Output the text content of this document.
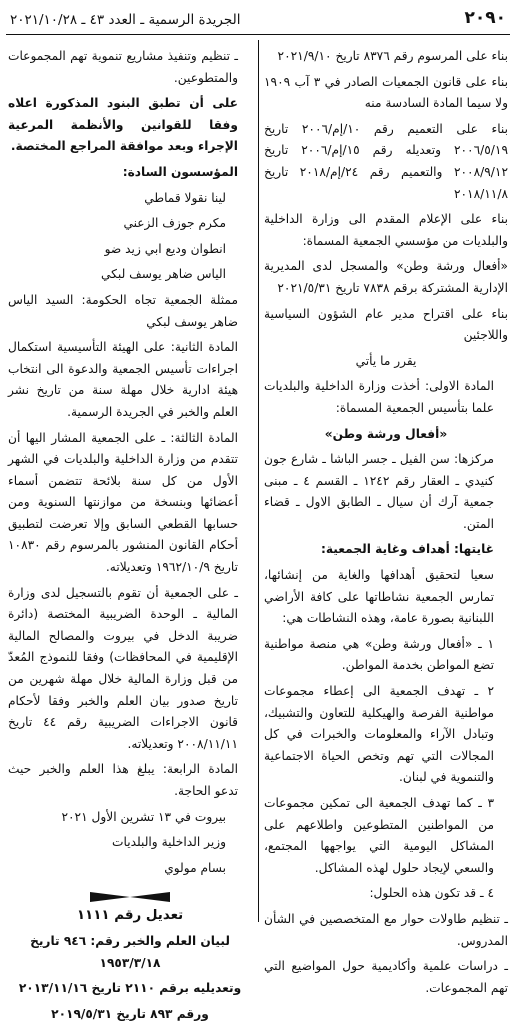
٢٠٩٠
الجريدة الرسمية ـ العدد ٤٣ ـ ٢٠٢١/١٠/٢٨

بناء على المرسوم رقم ٨٣٧٦ تاريخ ٢٠٢١/٩/١٠

بناء على قانون الجمعيات الصادر في ٣ آب ١٩٠٩ ولا سيما المادة السادسة منه

بناء على التعميم رقم ١٠/إم/٢٠٠٦ تاريخ ٢٠٠٦/٥/١٩ وتعديله رقم ١٥/إم/٢٠٠٦ تاريخ ٢٠٠٨/٩/١٢ والتعميم رقم ٢٤/إم/٢٠١٨ تاريخ ٢٠١٨/١١/٨

بناء على الإعلام المقدم الى وزارة الداخلية والبلديات من مؤسسي الجمعية المسماة:

«أفعال ورشة وطن» والمسجل لدى المديرية الإدارية المشتركة برقم ٧٨٣٨ تاريخ ٢٠٢١/٥/٣١

بناء على اقتراح مدير عام الشؤون السياسية واللاجئين

يقرر ما يأتي

المادة الاولى: أخذت وزارة الداخلية والبلديات علما بتأسيس الجمعية المسماة:

«أفعال ورشة وطن»

مركزها: سن الفيل ـ جسر الباشا ـ شارع جون كنيدي ـ العقار رقم ١٢٤٢ ـ القسم ٤ ـ مبنى جمعية آرك أن سيال ـ الطابق الاول ـ قضاء المتن.

غايتها: أهداف وغاية الجمعية:

سعيا لتحقيق أهدافها والغاية من إنشائها، تمارس الجمعية نشاطاتها على كافة الأراضي اللبنانية بصورة عامة، وهذه النشاطات هي:

١ ـ «أفعال ورشة وطن» هي منصة مواطنية تضع المواطن بخدمة المواطن.

٢ ـ تهدف الجمعية الى إعطاء مجموعات مواطنية الفرصة والهيكلية للتعاون والتشبيك، وتبادل الآراء والمعلومات والخبرات في كل المجالات التي تهم وتخص الحياة الاجتماعية والتنموية في لبنان.

٣ ـ كما تهدف الجمعية الى تمكين مجموعات من المواطنين المتطوعين واطلاعهم على المشاكل اليومية التي يواجهها المجتمع، والسعي لإيجاد حلول لهذه المشاكل.

٤ ـ قد تكون هذه الحلول:

ـ تنظيم طاولات حوار مع المتخصصين في الشأن المدروس.

ـ دراسات علمية وأكاديمية حول المواضيع التي تهم المجموعات.

ـ تنظيم وتنفيذ مشاريع تنموية تهم المجموعات والمتطوعين.

على أن تطبق البنود المذكورة اعلاه وفقا للقوانين والأنظمة المرعية الإجراء وبعد موافقة المراجع المختصة.

المؤسسون السادة:

لينا نقولا قماطي

مكرم جوزف الزعني

انطوان وديع ابي زيد ضو

الياس ضاهر يوسف لبكي

ممثلة الجمعية تجاه الحكومة: السيد الياس ضاهر يوسف لبكي

المادة الثانية: على الهيئة التأسيسية استكمال اجراءات تأسيس الجمعية والدعوة الى انتخاب هيئة ادارية خلال مهلة سنة من تاريخ نشر العلم والخبر في الجريدة الرسمية.

المادة الثالثة: ـ على الجمعية المشار اليها أن تتقدم من وزارة الداخلية والبلديات في الشهر الأول من كل سنة بلائحة تتضمن أسماء أعضائها وبنسخة من موازنتها السنوية ومن حسابها القطعي السابق وإلا تعرضت لتطبيق أحكام القانون المنشور بالمرسوم رقم ١٠٨٣٠ تاريخ ١٩٦٢/١٠/٩ وتعديلاته.

ـ على الجمعية أن تقوم بالتسجيل لدى وزارة المالية ـ الوحدة الضريبية المختصة (دائرة ضريبة الدخل في بيروت والمصالح المالية الإقليمية في المحافظات) وفقا للنموذج المُعدّ من قبل وزارة المالية خلال مهلة شهرين من تاريخ صدور بيان العلم والخبر وفقا لأحكام قانون الاجراءات الضريبية رقم ٤٤ تاريخ ٢٠٠٨/١١/١١ وتعديلاته.

المادة الرابعة: يبلغ هذا العلم والخبر حيث تدعو الحاجة.

بيروت في ١٣ تشرين الأول ٢٠٢١

وزير الداخلية والبلديات

بسام مولوي

تعديل رقم ١١١١

لبيان العلم والخبر رقم: ٩٤٦ تاريخ ١٩٥٣/٣/١٨

وتعديليه برقم ٢١١٠ تاريخ ٢٠١٣/١١/١٦

ورقم ٨٩٣ تاريخ ٢٠١٩/٥/٣١
